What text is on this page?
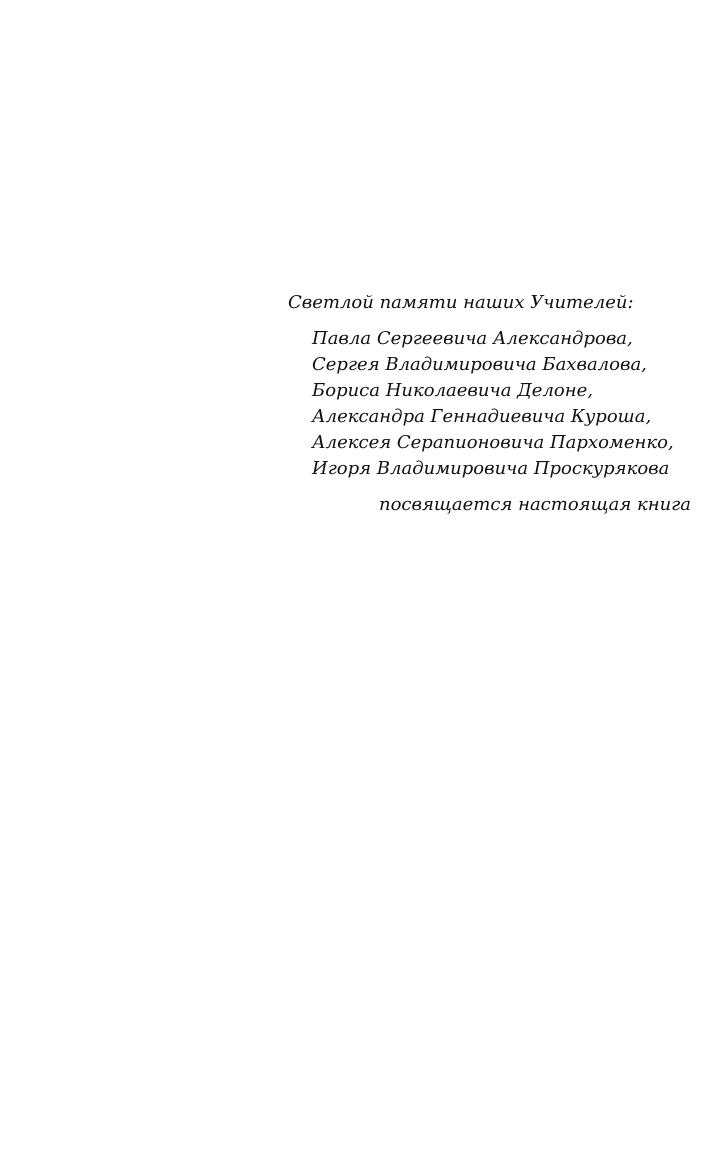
Светлой памяти наших Учителей:

Павла Сергеевича Александрова,
Сергея Владимировича Бахвалова,
Бориса Николаевича Делоне,
Александра Геннадиевича Куроша,
Алексея Серапионовича Пархоменко,
Игоря Владимировича Проскурякова

посвящается настоящая книга
